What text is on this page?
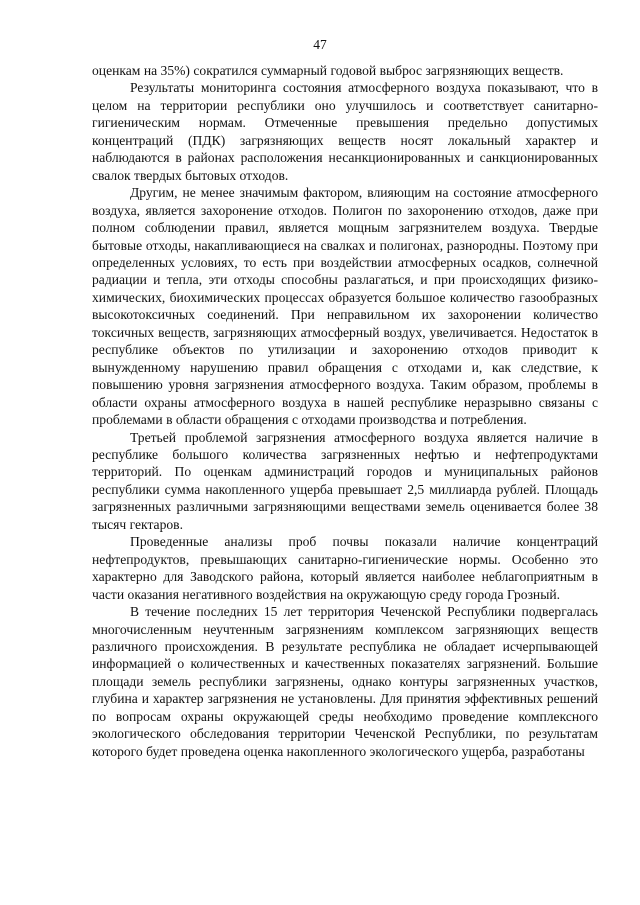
47

оценкам на 35%) сократился суммарный годовой выброс загрязняющих веществ.

Результаты мониторинга состояния атмосферного воздуха показывают, что в целом на территории республики оно улучшилось и соответствует санитарно-гигиеническим нормам. Отмеченные превышения предельно допустимых концентраций (ПДК) загрязняющих веществ носят локальный характер и наблюдаются в районах расположения несанкционированных и санкционированных свалок твердых бытовых отходов.

Другим, не менее значимым фактором, влияющим на состояние атмосферного воздуха, является захоронение отходов. Полигон по захоронению отходов, даже при полном соблюдении правил, является мощным загрязнителем воздуха. Твердые бытовые отходы, накапливающиеся на свалках и полигонах, разнородны. Поэтому при определенных условиях, то есть при воздействии атмосферных осадков, солнечной радиации и тепла, эти отходы способны разлагаться, и при происходящих физико-химических, биохимических процессах образуется большое количество газообразных высокотоксичных соединений. При неправильном их захоронении количество токсичных веществ, загрязняющих атмосферный воздух, увеличивается. Недостаток в республике объектов по утилизации и захоронению отходов приводит к вынужденному нарушению правил обращения с отходами и, как следствие, к повышению уровня загрязнения атмосферного воздуха. Таким образом, проблемы в области охраны атмосферного воздуха в нашей республике неразрывно связаны с проблемами в области обращения с отходами производства и потребления.

Третьей проблемой загрязнения атмосферного воздуха является наличие в республике большого количества загрязненных нефтью и нефтепродуктами территорий. По оценкам администраций городов и муниципальных районов республики сумма накопленного ущерба превышает 2,5 миллиарда рублей. Площадь загрязненных различными загрязняющими веществами земель оценивается более 38 тысяч гектаров.

Проведенные анализы проб почвы показали наличие концентраций нефтепродуктов, превышающих санитарно-гигиенические нормы. Особенно это характерно для Заводского района, который является наиболее неблагоприятным в части оказания негативного воздействия на окружающую среду города Грозный.

В течение последних 15 лет территория Чеченской Республики подвергалась многочисленным неучтенным загрязнениям комплексом загрязняющих веществ различного происхождения. В результате республика не обладает исчерпывающей информацией о количественных и качественных показателях загрязнений. Большие площади земель республики загрязнены, однако контуры загрязненных участков, глубина и характер загрязнения не установлены. Для принятия эффективных решений по вопросам охраны окружающей среды необходимо проведение комплексного экологического обследования территории Чеченской Республики, по результатам которого будет проведена оценка накопленного экологического ущерба, разработаны
